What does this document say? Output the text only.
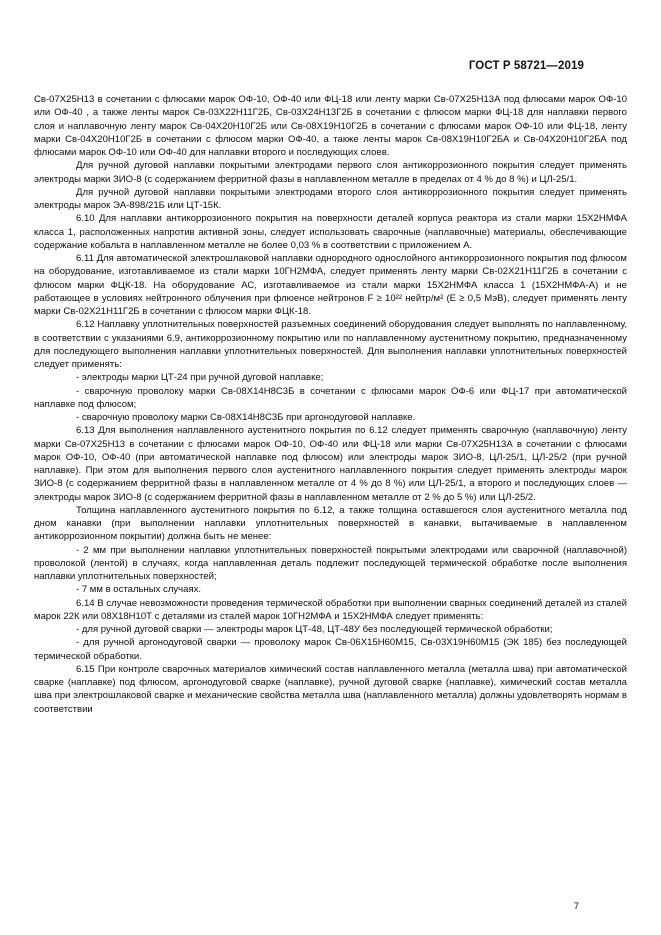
ГОСТ Р 58721—2019

Св-07Х25Н13 в сочетании с флюсами марок ОФ-10, ОФ-40 или ФЦ-18 или ленту марки Св-07Х25Н13А под флюсами марок ОФ-10 или ОФ-40 , а также ленты марок Св-03Х22Н11Г2Б, Св-03Х24Н13Г2Б в сочетании с флюсом марки ФЦ-18 для наплавки первого слоя и наплавочную ленту марок Св-04Х20Н10Г2Б или Св-08Х19Н10Г2Б в сочетании с флюсами марок ОФ-10 или ФЦ-18, ленту марки Св-04Х20Н10Г2Б в сочетании с флюсом марки ОФ-40, а также ленты марок Св-08Х19Н10Г2БА и Св-04Х20Н10Г2БА под флюсами марок ОФ-10 или ОФ-40 для наплавки второго и последующих слоев.

Для ручной дуговой наплавки покрытыми электродами первого слоя антикоррозионного покрытия следует применять электроды марки ЗИО-8 (с содержанием ферритной фазы в наплавленном металле в пределах от 4 % до 8 %) и ЦЛ-25/1.

Для ручной дуговой наплавки покрытыми электродами второго слоя антикоррозионного покрытия следует применять электроды марок ЭА-898/21Б или ЦТ-15К.

6.10 Для наплавки антикоррозионного покрытия на поверхности деталей корпуса реактора из стали марки 15Х2НМФА класса 1, расположенных напротив активной зоны, следует использовать сварочные (наплавочные) материалы, обеспечивающие содержание кобальта в наплавленном металле не более 0,03 % в соответствии с приложением А.

6.11 Для автоматической электрошлаковой наплавки однородного однослойного антикоррозионного покрытия под флюсом на оборудование, изготавливаемое из стали марки 10ГН2МФА, следует применять ленту марки Св-02Х21Н11Г2Б в сочетании с флюсом марки ФЦК-18. На оборудование АС, изготавливаемое из стали марки 15Х2НМФА класса 1 (15Х2НМФА-А) и не работающее в условиях нейтронного облучения при флюенсе нейтронов F ≥ 10²² нейтр/м² (E ≥ 0,5 МэВ), следует применять ленту марки Св-02Х21Н11Г2Б в сочетании с флюсом марки ФЦК-18.

6.12 Наплавку уплотнительных поверхностей разъемных соединений оборудования следует выполнять по наплавленному, в соответствии с указаниями 6.9, антикоррозионному покрытию или по наплавленному аустенитному покрытию, предназначенному для последующего выполнения наплавки уплотнительных поверхностей. Для выполнения наплавки уплотнительных поверхностей следует применять:

- электроды марки ЦТ-24 при ручной дуговой наплавке;

- сварочную проволоку марки Св-08Х14Н8С3Б в сочетании с флюсами марок ОФ-6 или ФЦ-17 при автоматической наплавке под флюсом;

- сварочную проволоку марки Св-08Х14Н8С3Б при аргонодуговой наплавке.

6.13 Для выполнения наплавленного аустенитного покрытия по 6.12 следует применять сварочную (наплавочную) ленту марки Св-07Х25Н13 в сочетании с флюсами марок ОФ-10, ОФ-40 или ФЦ-18 или марки Св-07Х25Н13А в сочетании с флюсами марок ОФ-10, ОФ-40 (при автоматической наплавке под флюсом) или электроды марок ЗИО-8, ЦЛ-25/1, ЦЛ-25/2 (при ручной наплавке). При этом для выполнения первого слоя аустенитного наплавленного покрытия следует применять электроды марок ЗИО-8 (с содержанием ферритной фазы в наплавленном металле от 4 % до 8 %) или ЦЛ-25/1, а второго и последующих слоев — электроды марок ЗИО-8 (с содержанием ферритной фазы в наплавленном металле от 2 % до 5 %) или ЦЛ-25/2.

Толщина наплавленного аустенитного покрытия по 6.12, а также толщина оставшегося слоя аустенитного металла под дном канавки (при выполнении наплавки уплотнительных поверхностей в канавки, вытачиваемые в наплавленном антикоррозионном покрытии) должна быть не менее:

- 2 мм при выполнении наплавки уплотнительных поверхностей покрытыми электродами или сварочной (наплавочной) проволокой (лентой) в случаях, когда наплавленная деталь подлежит последующей термической обработке после выполнения наплавки уплотнительных поверхностей;

- 7 мм в остальных случаях.

6.14 В случае невозможности проведения термической обработки при выполнении сварных соединений деталей из сталей марок 22К или 08Х18Н10Т с деталями из сталей марок 10ГН2МФА и 15Х2НМФА следует применять:

- для ручной дуговой сварки — электроды марок ЦТ-48, ЦТ-48У без последующей термической обработки;

- для ручной аргонодуговой сварки — проволоку марок Св-06Х15Н60М15, Св-03Х19Н60М15 (ЭК 185) без последующей термической обработки.

6.15 При контроле сварочных материалов химический состав наплавленного металла (металла шва) при автоматической сварке (наплавке) под флюсом, аргонодуговой сварке (наплавке), ручной дуговой сварке (наплавке), химический состав металла шва при электрошлаковой сварке и механические свойства металла шва (наплавленного металла) должны удовлетворять нормам в соответствии

7
